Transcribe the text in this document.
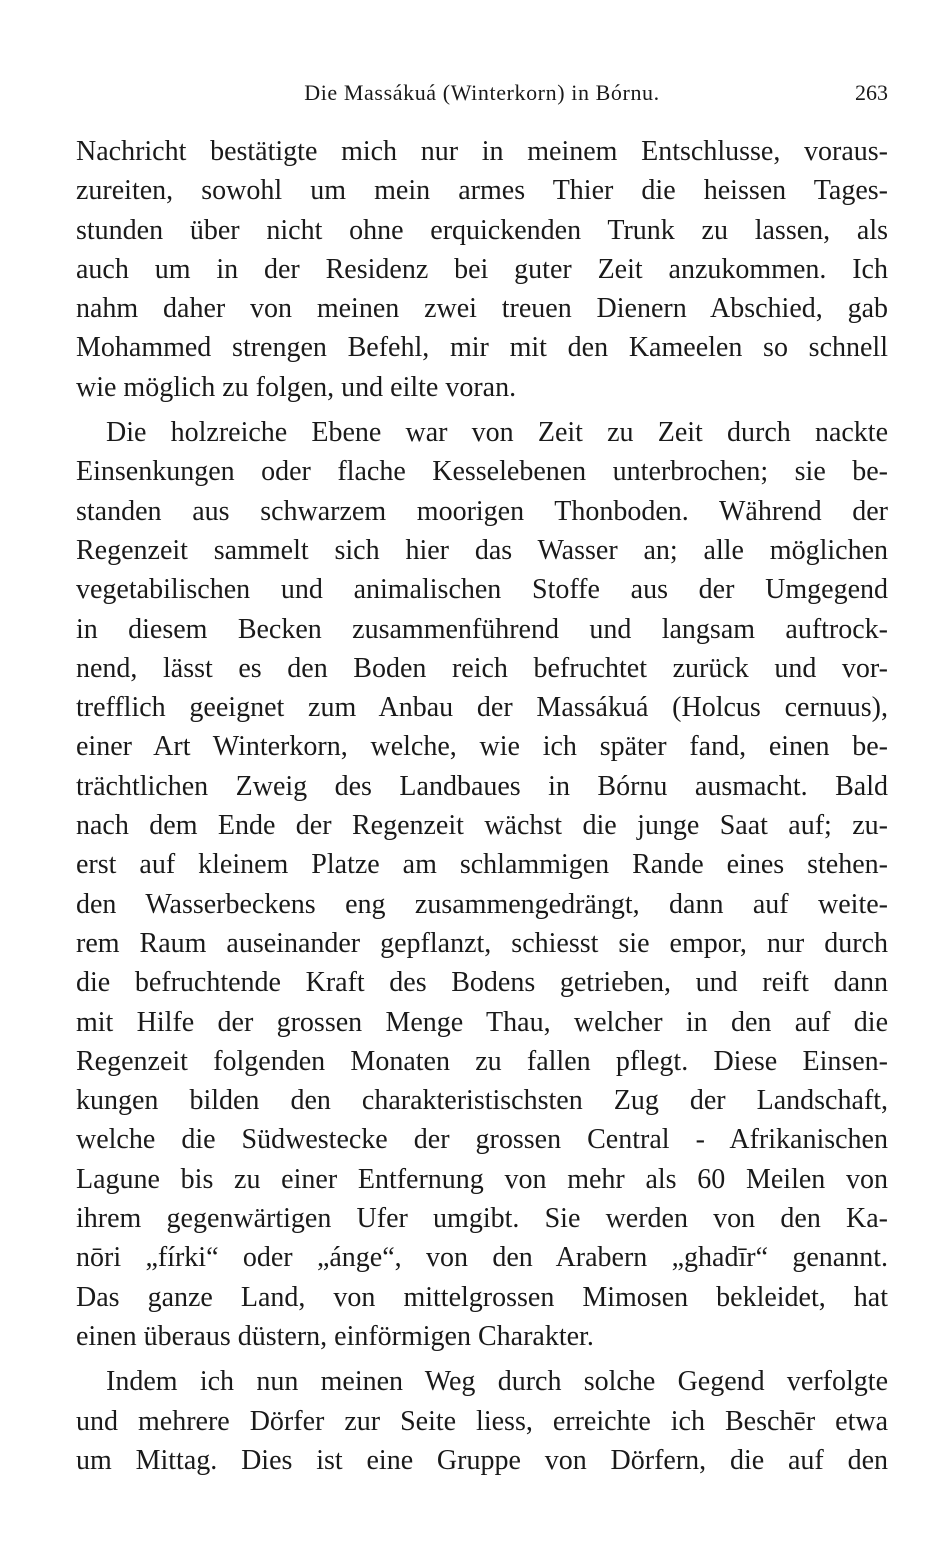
Die Massákuá (Winterkorn) in Bórnu.	263
Nachricht bestätigte mich nur in meinem Entschlusse, voraus-
zureiten, sowohl um mein armes Thier die heissen Tages-
stunden über nicht ohne erquickenden Trunk zu lassen, als
auch um in der Residenz bei guter Zeit anzukommen. Ich
nahm daher von meinen zwei treuen Dienern Abschied, gab
Mohammed strengen Befehl, mir mit den Kameelen so schnell
wie möglich zu folgen, und eilte voran.
Die holzreiche Ebene war von Zeit zu Zeit durch nackte
Einsenkungen oder flache Kesselebenen unterbrochen; sie be-
standen aus schwarzem moorigen Thonboden. Während der
Regenzeit sammelt sich hier das Wasser an; alle möglichen
vegetabilischen und animalischen Stoffe aus der Umgegend
in diesem Becken zusammenführend und langsam auftrock-
nend, lässt es den Boden reich befruchtet zurück und vor-
trefflich geeignet zum Anbau der Massákuá (Holcus cernuus),
einer Art Winterkorn, welche, wie ich später fand, einen be-
trächtlichen Zweig des Landbaues in Bórnu ausmacht. Bald
nach dem Ende der Regenzeit wächst die junge Saat auf; zu-
erst auf kleinem Platze am schlammigen Rande eines stehen-
den Wasserbeckens eng zusammengedrängt, dann auf weite-
rem Raum auseinander gepflanzt, schiesst sie empor, nur durch
die befruchtende Kraft des Bodens getrieben, und reift dann
mit Hilfe der grossen Menge Thau, welcher in den auf die
Regenzeit folgenden Monaten zu fallen pflegt. Diese Einsen-
kungen bilden den charakteristischsten Zug der Landschaft,
welche die Südwestecke der grossen Central - Afrikanischen
Lagune bis zu einer Entfernung von mehr als 60 Meilen von
ihrem gegenwärtigen Ufer umgibt. Sie werden von den Ka-
nōri „fírki“ oder „ánge“, von den Arabern „ghadīr“ genannt.
Das ganze Land, von mittelgrossen Mimosen bekleidet, hat
einen überaus düstern, einförmigen Charakter.
Indem ich nun meinen Weg durch solche Gegend verfolgte
und mehrere Dörfer zur Seite liess, erreichte ich Beschēr etwa
um Mittag. Dies ist eine Gruppe von Dörfern, die auf den
